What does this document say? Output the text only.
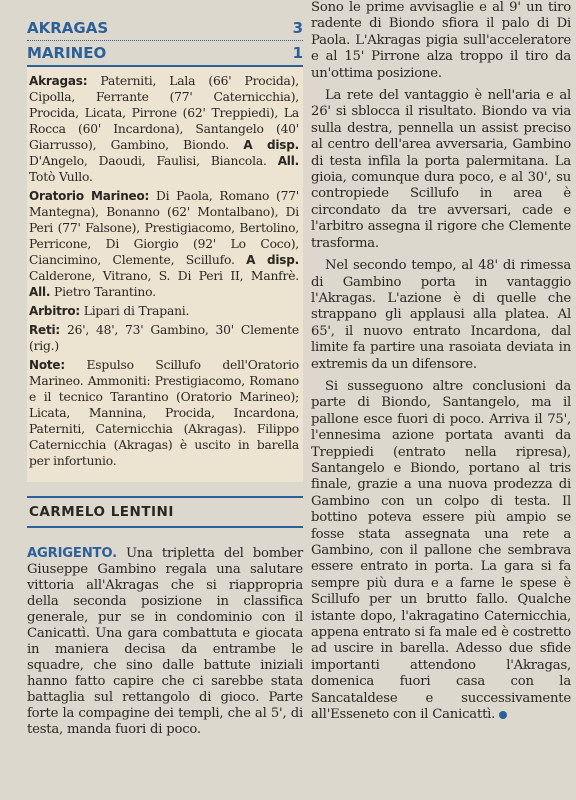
AKRAGAS	3
MARINEO	1

Akragas: Paterniti, Lala (66' Procida), Cipolla, Ferrante (77' Caternicchia), Procida, Licata, Pirrone (62' Treppiedi), La Rocca (60' Incardona), Santangelo (40' Giarrusso), Gambino, Biondo. A disp. D'Angelo, Daoudi, Faulisi, Biancola. All. Totò Vullo.

Oratorio Marineo: Di Paola, Romano (77' Mantegna), Bonanno (62' Montalbano), Di Peri (77' Falsone), Prestigiacomo, Bertolino, Perricone, Di Giorgio (92' Lo Coco), Ciancimino, Clemente, Scillufo. A disp. Calderone, Vitrano, S. Di Peri II, Manfrè. All. Pietro Tarantino.

Arbitro: Lipari di Trapani.

Reti: 26', 48', 73' Gambino, 30' Clemente (rig.)

Note: Espulso Scillufo dell'Oratorio Marineo. Ammoniti: Prestigiacomo, Romano e il tecnico Tarantino (Oratorio Marineo); Licata, Mannina, Procida, Incardona, Paterniti, Caternicchia (Akragas). Filippo Caternicchia (Akragas) è uscito in barella per infortunio.

CARMELO LENTINI
AGRIGENTO. Una tripletta del bomber Giuseppe Gambino regala una salutare vittoria all'Akragas che si riappropria della seconda posizione in classifica generale, pur se in condominio con il Canicattì. Una gara combattuta e giocata in maniera decisa da entrambe le squadre, che sino dalle battute iniziali hanno fatto capire che ci sarebbe stata battaglia sul rettangolo di gioco. Parte forte la compagine dei templi, che al 5', di testa, manda fuori di poco.

Sono le prime avvisaglie e al 9' un tiro radente di Biondo sfiora il palo di Di Paola. L'Akragas pigia sull'acceleratore e al 15' Pirrone alza troppo il tiro da un'ottima posizione.

La rete del vantaggio è nell'aria e al 26' si sblocca il risultato. Biondo va via sulla destra, pennella un assist preciso al centro dell'area avversaria, Gambino di testa infila la porta palermitana. La gioia, comunque dura poco, e al 30', su contropiede Scillufo in area è circondato da tre avversari, cade e l'arbitro assegna il rigore che Clemente trasforma.

Nel secondo tempo, al 48' di rimessa di Gambino porta in vantaggio l'Akragas. L'azione è di quelle che strappano gli applausi alla platea. Al 65', il nuovo entrato Incardona, dal limite fa partire una rasoiata deviata in extremis da un difensore.

Si susseguono altre conclusioni da parte di Biondo, Santangelo, ma il pallone esce fuori di poco. Arriva il 75', l'ennesima azione portata avanti da Treppiedi (entrato nella ripresa), Santangelo e Biondo, portano al tris finale, grazie a una nuova prodezza di Gambino con un colpo di testa. Il bottino poteva essere più ampio se fosse stata assegnata una rete a Gambino, con il pallone che sembrava essere entrato in porta. La gara si fa sempre più dura e a farne le spese è Scillufo per un brutto fallo. Qualche istante dopo, l'akragatino Caternicchia, appena entrato si fa male ed è costretto ad uscire in barella. Adesso due sfide importanti attendono l'Akragas, domenica fuori casa con la Sancataldese e successivamente all'Esseneto con il Canicattì.
